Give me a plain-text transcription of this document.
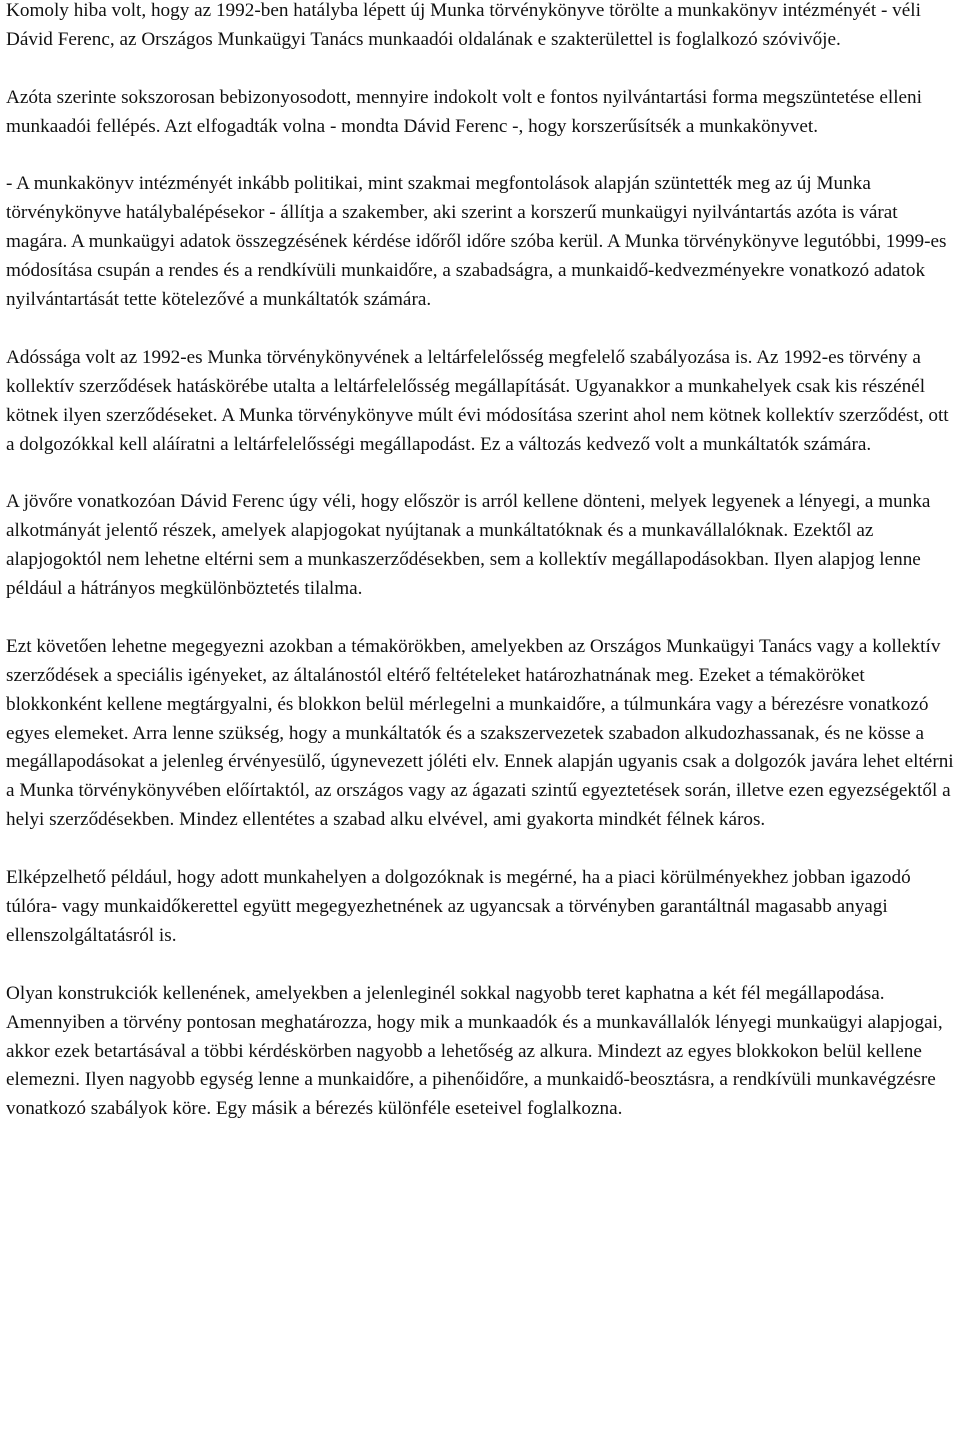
Komoly hiba volt, hogy az 1992-ben hatályba lépett új Munka törvénykönyve törölte a munkakönyv intézményét - véli Dávid Ferenc, az Országos Munkaügyi Tanács munkaadói oldalának e szakterülettel is foglalkozó szóvivője.

Azóta szerinte sokszorosan bebizonyosodott, mennyire indokolt volt e fontos nyilvántartási forma megszüntetése elleni munkaadói fellépés. Azt elfogadták volna - mondta Dávid Ferenc -, hogy korszerűsítsék a munkakönyvet.

- A munkakönyv intézményét inkább politikai, mint szakmai megfontolások alapján szüntették meg az új Munka törvénykönyve hatálybalépésekor - állítja a szakember, aki szerint a korszerű munkaügyi nyilvántartás azóta is várat magára. A munkaügyi adatok összegzésének kérdése időről időre szóba kerül. A Munka törvénykönyve legutóbbi, 1999-es módosítása csupán a rendes és a rendkívüli munkaidőre, a szabadságra, a munkaidő-kedvezményekre vonatkozó adatok nyilvántartását tette kötelezővé a munkáltatók számára.

Adóssága volt az 1992-es Munka törvénykönyvének a leltárfelelősség megfelelő szabályozása is. Az 1992-es törvény a kollektív szerződések hatáskörébe utalta a leltárfelelősség megállapítását. Ugyanakkor a munkahelyek csak kis részénél kötnek ilyen szerződéseket. A Munka törvénykönyve múlt évi módosítása szerint ahol nem kötnek kollektív szerződést, ott a dolgozókkal kell aláíratni a leltárfelelősségi megállapodást. Ez a változás kedvező volt a munkáltatók számára.

A jövőre vonatkozóan Dávid Ferenc úgy véli, hogy először is arról kellene dönteni, melyek legyenek a lényegi, a munka alkotmányát jelentő részek, amelyek alapjogokat nyújtanak a munkáltatóknak és a munkavállalóknak. Ezektől az alapjogoktól nem lehetne eltérni sem a munkaszerződésekben, sem a kollektív megállapodásokban. Ilyen alapjog lenne például a hátrányos megkülönböztetés tilalma.

Ezt követően lehetne megegyezni azokban a témakörökben, amelyekben az Országos Munkaügyi Tanács vagy a kollektív szerződések a speciális igényeket, az általánostól eltérő feltételeket határozhatnának meg. Ezeket a témaköröket blokkonként kellene megtárgyalni, és blokkon belül mérlegelni a munkaidőre, a túlmunkára vagy a bérezésre vonatkozó egyes elemeket. Arra lenne szükség, hogy a munkáltatók és a szakszervezetek szabadon alkudozhassanak, és ne kösse a megállapodásokat a jelenleg érvényesülő, úgynevezett jóléti elv. Ennek alapján ugyanis csak a dolgozók javára lehet eltérni a Munka törvénykönyvében előírtaktól, az országos vagy az ágazati szintű egyeztetések során, illetve ezen egyezségektől a helyi szerződésekben. Mindez ellentétes a szabad alku elvével, ami gyakorta mindkét félnek káros.

Elképzelhető például, hogy adott munkahelyen a dolgozóknak is megérné, ha a piaci körülményekhez jobban igazodó túlóra- vagy munkaidőkerettel együtt megegyezhetnének az ugyancsak a törvényben garantáltnál magasabb anyagi ellenszolgáltatásról is.

Olyan konstrukciók kellenének, amelyekben a jelenleginél sokkal nagyobb teret kaphatna a két fél megállapodása. Amennyiben a törvény pontosan meghatározza, hogy mik a munkaadók és a munkavállalók lényegi munkaügyi alapjogai, akkor ezek betartásával a többi kérdéskörben nagyobb a lehetőség az alkura. Mindezt az egyes blokkokon belül kellene elemezni. Ilyen nagyobb egység lenne a munkaidőre, a pihenőidőre, a munkaidő-beosztásra, a rendkívüli munkavégzésre vonatkozó szabályok köre. Egy másik a bérezés különféle eseteivel foglalkozna.
